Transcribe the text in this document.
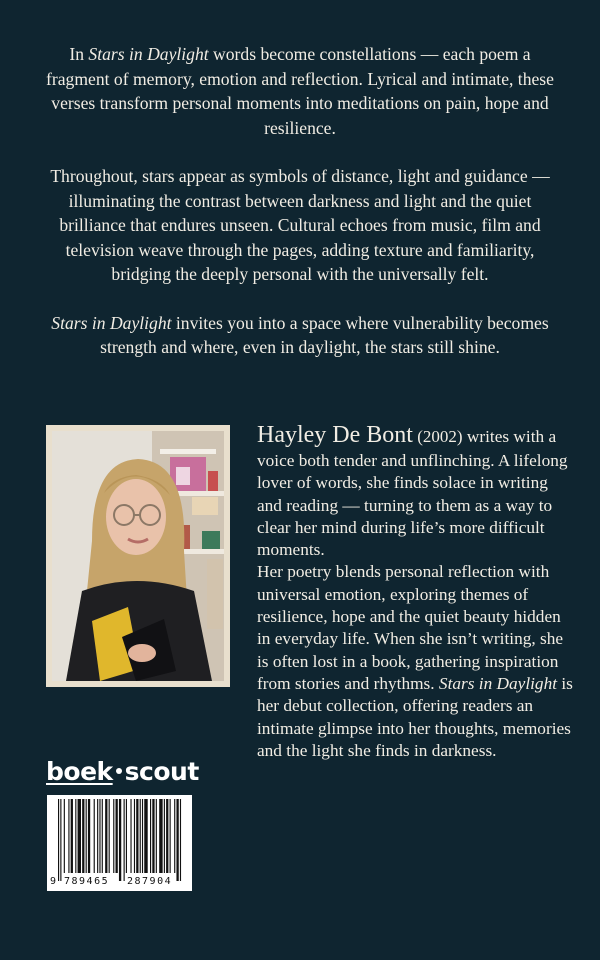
In Stars in Daylight words become constellations — each poem a fragment of memory, emotion and reflection. Lyrical and intimate, these verses transform personal moments into meditations on pain, hope and resilience.

Throughout, stars appear as symbols of distance, light and guidance — illuminating the contrast between darkness and light and the quiet brilliance that endures unseen. Cultural echoes from music, film and television weave through the pages, adding texture and familiarity, bridging the deeply personal with the universally felt.

Stars in Daylight invites you into a space where vulnerability becomes strength and where, even in daylight, the stars still shine.

Hayley De Bont (2002) writes with a voice both tender and unflinching. A lifelong lover of words, she finds solace in writing and reading — turning to them as a way to clear her mind during life’s more difficult moments.
Her poetry blends personal reflection with universal emotion, exploring themes of resilience, hope and the quiet beauty hidden in everyday life. When she isn’t writing, she is often lost in a book, gathering inspiration from stories and rhythms. Stars in Daylight is her debut collection, offering readers an intimate glimpse into her thoughts, memories and the light she finds in darkness.
boek scout
9 789465 287904
